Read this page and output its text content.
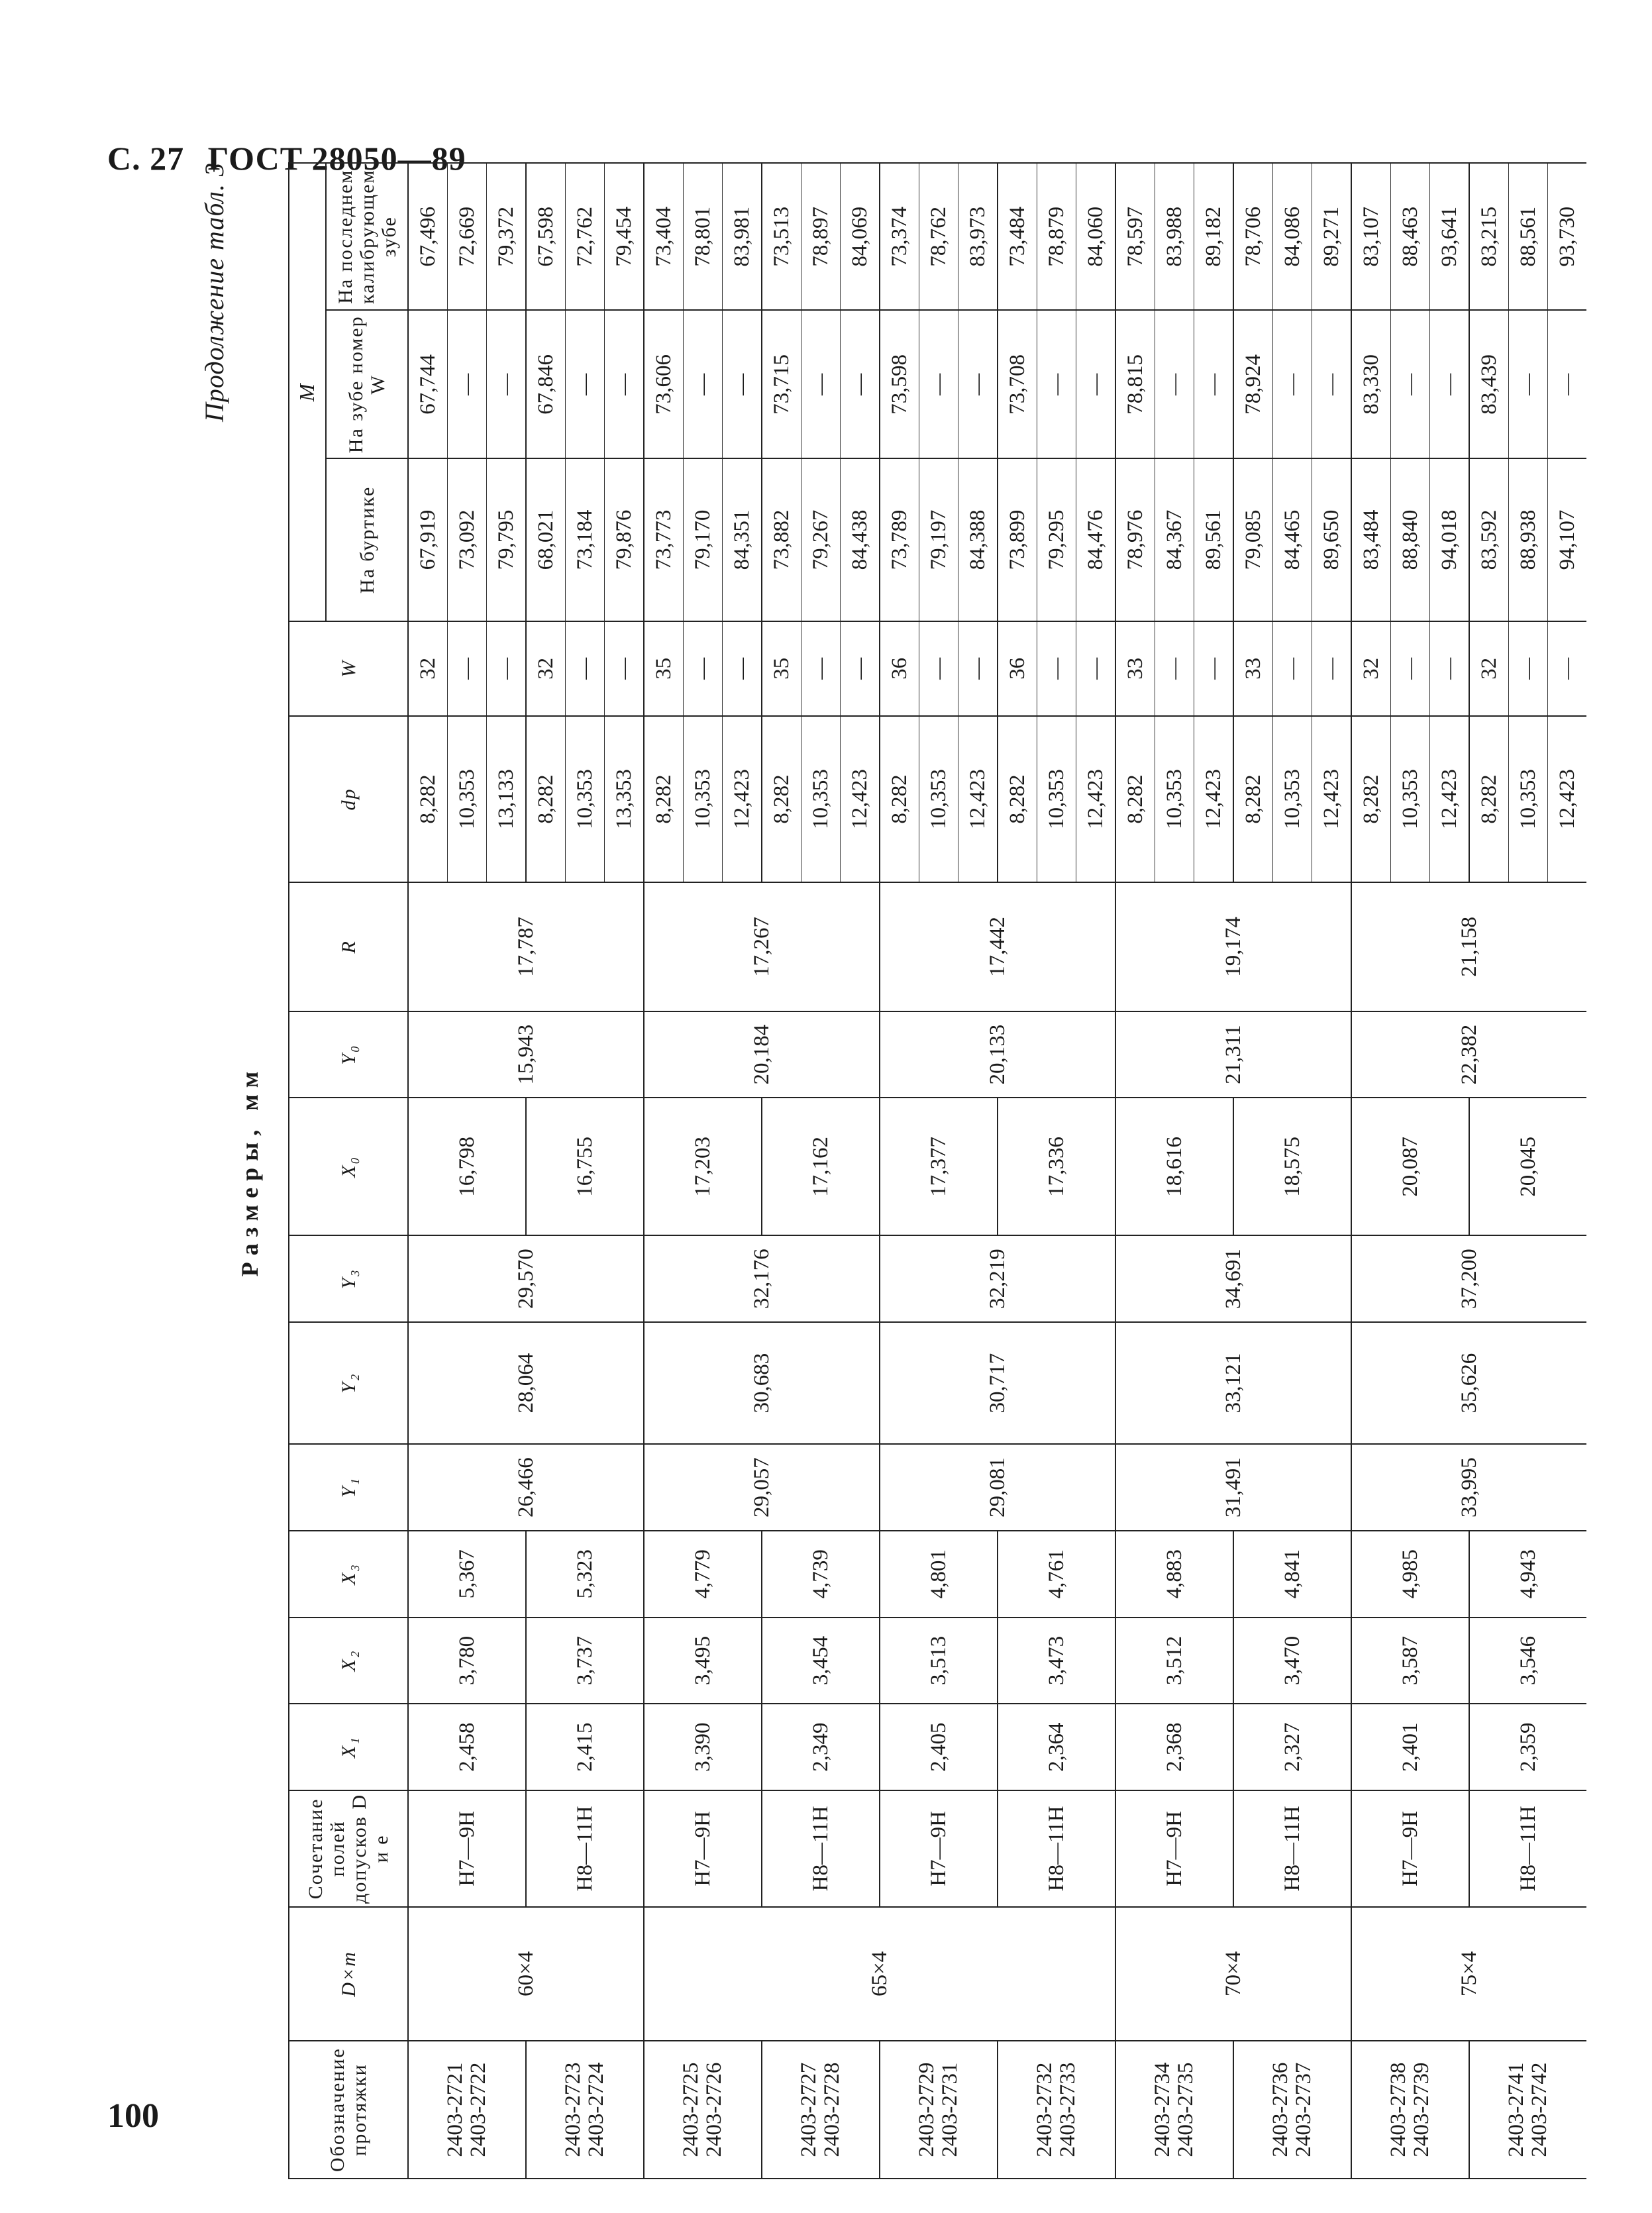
С. 27 ГОСТ 28050—89
Продолжение табл. 3
Размеры, мм
Обозначение протяжки	D×m	Сочетание полей допусков D и e	X₁	X₂	X₃	Y₁	Y₂	Y₃	X₀	Y₀	R	dр	W	M		
														На буртике	На зубе номер W	На последнем калибрующем зубе
2403-2721 2403-2722	60×4	H7—9H	2,458	3,780	5,367	26,466	28,064	29,570	16,798	15,943	17,787	8,282	32	67,919	67,744	67,496
												10,353	—	73,092	—	72,669
												13,133	—	79,795	—	79,372
2403-2723 2403-2724		H8—11H	2,415	3,737	5,323				16,755			8,282	32	68,021	67,846	67,598
												10,353	—	73,184	—	72,762
												13,353	—	79,876	—	79,454
2403-2725 2403-2726	65×4	H7—9H	3,390	3,495	4,779	29,057	30,683	32,176	17,203	20,184	17,267	8,282	35	73,773	73,606	73,404
												10,353	—	79,170	—	78,801
												12,423	—	84,351	—	83,981
2403-2727 2403-2728		H8—11H	2,349	3,454	4,739				17,162			8,282	35	73,882	73,715	73,513
												10,353	—	79,267	—	78,897
												12,423	—	84,438	—	84,069
2403-2729 2403-2731		H7—9H	2,405	3,513	4,801	29,081	30,717	32,219	17,377	20,133	17,442	8,282	36	73,789	73,598	73,374
												10,353	—	79,197	—	78,762
												12,423	—	84,388	—	83,973
2403-2732 2403-2733		H8—11H	2,364	3,473	4,761				17,336			8,282	36	73,899	73,708	73,484
												10,353	—	79,295	—	78,879
												12,423	—	84,476	—	84,060
2403-2734 2403-2735	70×4	H7—9H	2,368	3,512	4,883	31,491	33,121	34,691	18,616	21,311	19,174	8,282	33	78,976	78,815	78,597
												10,353	—	84,367	—	83,988
												12,423	—	89,561	—	89,182
2403-2736 2403-2737		H8—11H	2,327	3,470	4,841				18,575			8,282	33	79,085	78,924	78,706
												10,353	—	84,465	—	84,086
												12,423	—	89,650	—	89,271
2403-2738 2403-2739	75×4	H7—9H	2,401	3,587	4,985	33,995	35,626	37,200	20,087	22,382	21,158	8,282	32	83,484	83,330	83,107
												10,353	—	88,840	—	88,463
												12,423	—	94,018	—	93,641
2403-2741 2403-2742		H8—11H	2,359	3,546	4,943				20,045			8,282	32	83,592	83,439	83,215
												10,353	—	88,938	—	88,561
												12,423	—	94,107	—	93,730
100
